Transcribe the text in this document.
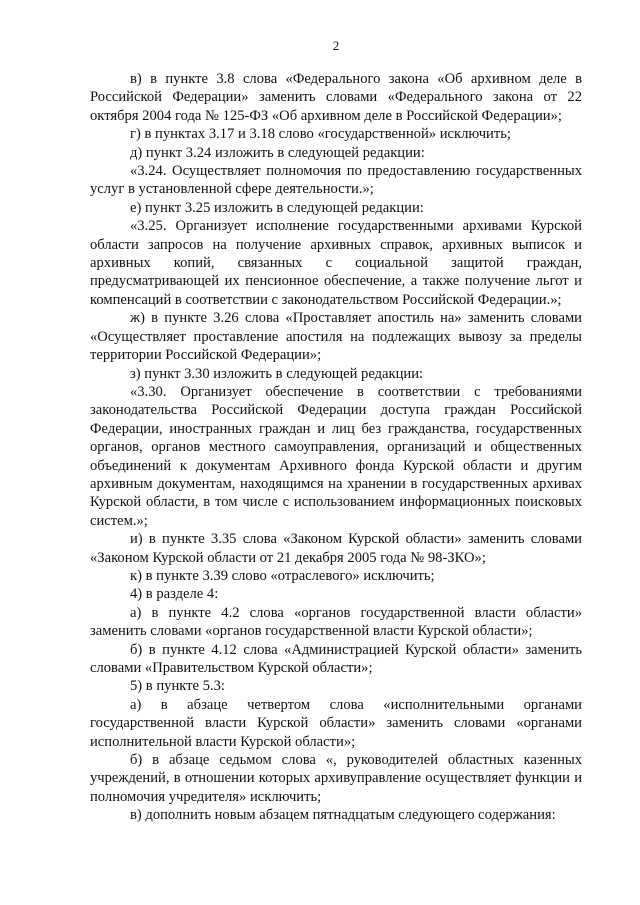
2

в) в пункте 3.8 слова «Федерального закона «Об архивном деле в Российской Федерации» заменить словами «Федерального закона от 22 октября 2004 года № 125-ФЗ «Об архивном деле в Российской Федерации»;

г) в пунктах 3.17 и 3.18 слово «государственной» исключить;

д) пункт 3.24 изложить в следующей редакции:

«3.24. Осуществляет полномочия по предоставлению государственных услуг в установленной сфере деятельности.»;

е) пункт 3.25 изложить в следующей редакции:

«3.25. Организует исполнение государственными архивами Курской области запросов на получение архивных справок, архивных выписок и архивных копий, связанных с социальной защитой граждан, предусматривающей их пенсионное обеспечение, а также получение льгот и компенсаций в соответствии с законодательством Российской Федерации.»;

ж) в пункте 3.26 слова «Проставляет апостиль на» заменить словами «Осуществляет проставление апостиля на подлежащих вывозу за пределы территории Российской Федерации»;

з) пункт 3.30 изложить в следующей редакции:

«3.30. Организует обеспечение в соответствии с требованиями законодательства Российской Федерации доступа граждан Российской Федерации, иностранных граждан и лиц без гражданства, государственных органов, органов местного самоуправления, организаций и общественных объединений к документам Архивного фонда Курской области и другим архивным документам, находящимся на хранении в государственных архивах Курской области, в том числе с использованием информационных поисковых систем.»;

и) в пункте 3.35 слова «Законом Курской области» заменить словами «Законом Курской области от 21 декабря 2005 года № 98-ЗКО»;

к) в пункте 3.39 слово «отраслевого» исключить;

4) в разделе 4:

а) в пункте 4.2 слова «органов государственной власти области» заменить словами «органов государственной власти Курской области»;

б) в пункте 4.12 слова «Администрацией Курской области» заменить словами «Правительством Курской области»;

5) в пункте 5.3:

а) в абзаце четвертом слова «исполнительными органами государственной власти Курской области» заменить словами «органами исполнительной власти Курской области»;

б) в абзаце седьмом слова «, руководителей областных казенных учреждений, в отношении которых архивуправление осуществляет функции и полномочия учредителя» исключить;

в) дополнить новым абзацем пятнадцатым следующего содержания:
